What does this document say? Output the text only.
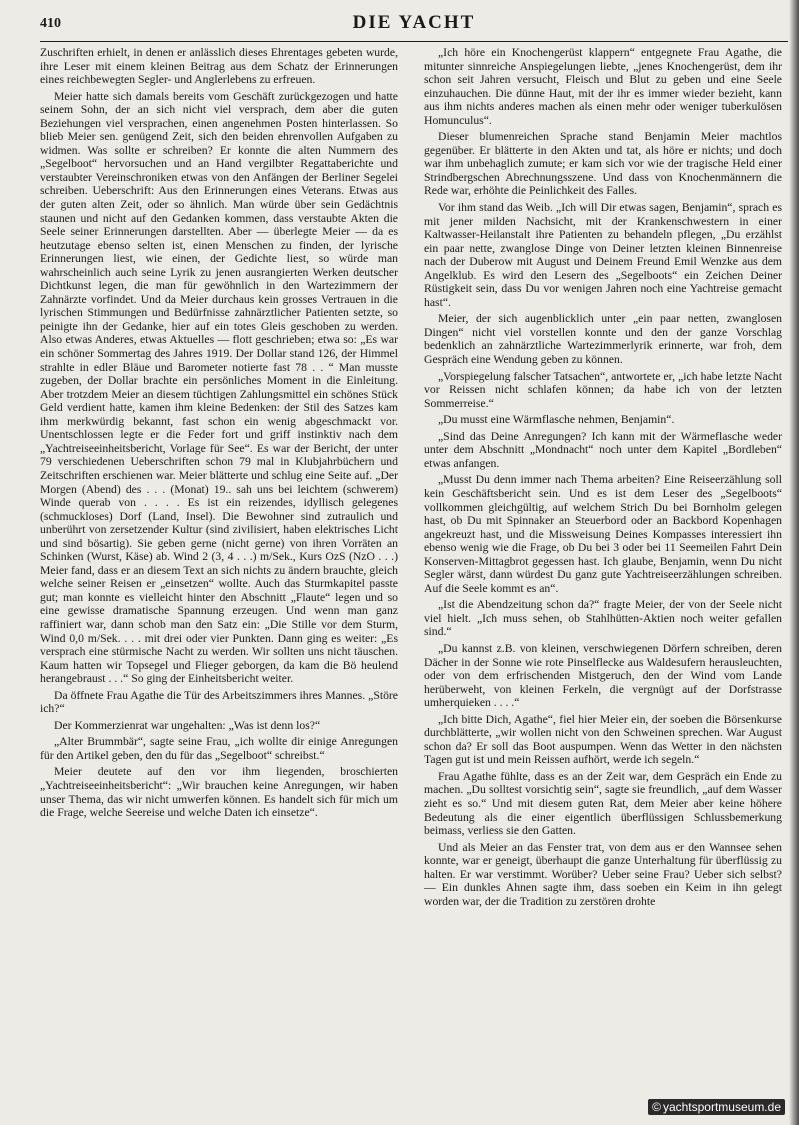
410	DIE YACHT

Zuschriften erhielt, in denen er anlässlich dieses Ehrentages gebeten wurde, ihre Leser mit einem kleinen Beitrag aus dem Schatz der Erinnerungen eines reichbewegten Segler- und Anglerlebens zu erfreuen.

Meier hatte sich damals bereits vom Geschäft zurückgezogen und hatte seinem Sohn, der an sich nicht viel versprach, dem aber die guten Beziehungen viel versprachen, einen angenehmen Posten hinterlassen. So blieb Meier sen. genügend Zeit, sich den beiden ehrenvollen Aufgaben zu widmen. Was sollte er schreiben? Er konnte die alten Nummern des „Segelboot“ hervorsuchen und an Hand vergilbter Regattaberichte und verstaubter Vereinschroniken etwas von den Anfängen der Berliner Segelei schreiben. Ueberschrift: Aus den Erinnerungen eines Veterans. Etwas aus der guten alten Zeit, oder so ähnlich. Man würde über sein Gedächtnis staunen und nicht auf den Gedanken kommen, dass verstaubte Akten die Seele seiner Erinnerungen darstellten. Aber — überlegte Meier — da es heutzutage ebenso selten ist, einen Menschen zu finden, der lyrische Erinnerungen liest, wie einen, der Gedichte liest, so würde man wahrscheinlich auch seine Lyrik zu jenen ausrangierten Werken deutscher Dichtkunst legen, die man für gewöhnlich in den Wartezimmern der Zahnärzte vorfindet. Und da Meier durchaus kein grosses Vertrauen in die lyrischen Stimmungen und Bedürfnisse zahnärztlicher Patienten setzte, so peinigte ihn der Gedanke, hier auf ein totes Gleis geschoben zu werden. Also etwas Anderes, etwas Aktuelles — flott geschrieben; etwa so: „Es war ein schöner Sommertag des Jahres 1919. Der Dollar stand 126, der Himmel strahlte in edler Bläue und Barometer notierte fast 78 . . “ Man musste zugeben, der Dollar brachte ein persönliches Moment in die Einleitung. Aber trotzdem Meier an diesem tüchtigen Zahlungsmittel ein schönes Stück Geld verdient hatte, kamen ihm kleine Bedenken: der Stil des Satzes kam ihm merkwürdig bekannt, fast schon ein wenig abgeschmackt vor. Unentschlossen legte er die Feder fort und griff instinktiv nach dem „Yachtreiseeinheitsbericht, Vorlage für See“. Es war der Bericht, der unter 79 verschiedenen Ueberschriften schon 79 mal in Klubjahrbüchern und Zeitschriften erschienen war. Meier blätterte und schlug eine Seite auf. „Der Morgen (Abend) des . . . (Monat) 19.. sah uns bei leichtem (schwerem) Winde querab von . . . . Es ist ein reizendes, idyllisch gelegenes (schmuckloses) Dorf (Land, Insel). Die Bewohner sind zutraulich und unberührt von zersetzender Kultur (sind zivilisiert, haben elektrisches Licht und sind bösartig). Sie geben gerne (nicht gerne) von ihren Vorräten an Schinken (Wurst, Käse) ab. Wind 2 (3, 4 . . .) m/Sek., Kurs OzS (NzO . . .) Meier fand, dass er an diesem Text an sich nichts zu ändern brauchte, gleich welche seiner Reisen er „einsetzen“ wollte. Auch das Sturmkapitel passte gut; man konnte es vielleicht hinter den Abschnitt „Flaute“ legen und so eine gewisse dramatische Spannung erzeugen. Und wenn man ganz raffiniert war, dann schob man den Satz ein: „Die Stille vor dem Sturm, Wind 0,0 m/Sek. . . . mit drei oder vier Punkten. Dann ging es weiter: „Es versprach eine stürmische Nacht zu werden. Wir sollten uns nicht täuschen. Kaum hatten wir Topsegel und Flieger geborgen, da kam die Bö heulend herangebraust . . .“ So ging der Einheitsbericht weiter.

Da öffnete Frau Agathe die Tür des Arbeitszimmers ihres Mannes. „Störe ich?“

Der Kommerzienrat war ungehalten: „Was ist denn los?“

„Alter Brummbär“, sagte seine Frau, „ich wollte dir einige Anregungen für den Artikel geben, den du für das „Segelboot“ schreibst.“

Meier deutete auf den vor ihm liegenden, broschierten „Yachtreiseeinheitsbericht“: „Wir brauchen keine Anregungen, wir haben unser Thema, das wir nicht umwerfen können. Es handelt sich für mich um die Frage, welche Seereise und welche Daten ich einsetze“.

„Ich höre ein Knochengerüst klappern“ entgegnete Frau Agathe, die mitunter sinnreiche Anspiegelungen liebte, „jenes Knochengerüst, dem ihr schon seit Jahren versucht, Fleisch und Blut zu geben und eine Seele einzuhauchen. Die dünne Haut, mit der ihr es immer wieder bezieht, kann aus ihm nichts anderes machen als einen mehr oder weniger tuberkulösen Homunculus“.

Dieser blumenreichen Sprache stand Benjamin Meier machtlos gegenüber. Er blätterte in den Akten und tat, als höre er nichts; und doch war ihm unbehaglich zumute; er kam sich vor wie der tragische Held einer Strindbergschen Abrechnungsszene. Und dass von Knochenmännern die Rede war, erhöhte die Peinlichkeit des Falles.

Vor ihm stand das Weib. „Ich will Dir etwas sagen, Benjamin“, sprach es mit jener milden Nachsicht, mit der Krankenschwestern in einer Kaltwasser-Heilanstalt ihre Patienten zu behandeln pflegen, „Du erzählst ein paar nette, zwanglose Dinge von Deiner letzten kleinen Binnenreise nach der Duberow mit August und Deinem Freund Emil Wenzke aus dem Angelklub. Es wird den Lesern des „Segelboots“ ein Zeichen Deiner Rüstigkeit sein, dass Du vor wenigen Jahren noch eine Yachtreise gemacht hast“.

Meier, der sich augenblicklich unter „ein paar netten, zwanglosen Dingen“ nicht viel vorstellen konnte und den der ganze Vorschlag bedenklich an zahnärztliche Wartezimmerlyrik erinnerte, war froh, dem Gespräch eine Wendung geben zu können.

„Vorspiegelung falscher Tatsachen“, antwortete er, „ich habe letzte Nacht vor Reissen nicht schlafen können; da habe ich von der letzten Sommerreise.“

„Du musst eine Wärmflasche nehmen, Benjamin“.

„Sind das Deine Anregungen? Ich kann mit der Wärmeflasche weder unter dem Abschnitt „Mondnacht“ noch unter dem Kapitel „Bordleben“ etwas anfangen.

„Musst Du denn immer nach Thema arbeiten? Eine Reiseerzählung soll kein Geschäftsbericht sein. Und es ist dem Leser des „Segelboots“ vollkommen gleichgültig, auf welchem Strich Du bei Bornholm gelegen hast, ob Du mit Spinnaker an Steuerbord oder an Backbord Kopenhagen angekreuzt hast, und die Missweisung Deines Kompasses interessiert ihn ebenso wenig wie die Frage, ob Du bei 3 oder bei 11 Seemeilen Fahrt Dein Konserven-Mittagbrot gegessen hast. Ich glaube, Benjamin, wenn Du nicht Segler wärst, dann würdest Du ganz gute Yachtreiseerzählungen schreiben. Auf die Seele kommt es an“.

„Ist die Abendzeitung schon da?“ fragte Meier, der von der Seele nicht viel hielt. „Ich muss sehen, ob Stahlhütten-Aktien noch weiter gefallen sind.“

„Du kannst z.B. von kleinen, verschwiegenen Dörfern schreiben, deren Dächer in der Sonne wie rote Pinselflecke aus Waldesufern herausleuchten, oder von dem erfrischenden Mistgeruch, den der Wind vom Lande herüberweht, von kleinen Ferkeln, die vergnügt auf der Dorfstrasse umherquieken . . . .“

„Ich bitte Dich, Agathe“, fiel hier Meier ein, der soeben die Börsenkurse durchblätterte, „wir wollen nicht von den Schweinen sprechen. War August schon da? Er soll das Boot auspumpen. Wenn das Wetter in den nächsten Tagen gut ist und mein Reissen aufhört, werde ich segeln.“

Frau Agathe fühlte, dass es an der Zeit war, dem Gespräch ein Ende zu machen. „Du solltest vorsichtig sein“, sagte sie freundlich, „auf dem Wasser zieht es so.“ Und mit diesem guten Rat, dem Meier aber keine höhere Bedeutung als die einer eigentlich überflüssigen Schlussbemerkung beimass, verliess sie den Gatten.

Und als Meier an das Fenster trat, von dem aus er den Wannsee sehen konnte, war er geneigt, überhaupt die ganze Unterhaltung für überflüssig zu halten. Er war verstimmt. Worüber? Ueber seine Frau? Ueber sich selbst? — Ein dunkles Ahnen sagte ihm, dass soeben ein Keim in ihn gelegt worden war, der die Tradition zu zerstören drohte

© yachtsportmuseum.de
